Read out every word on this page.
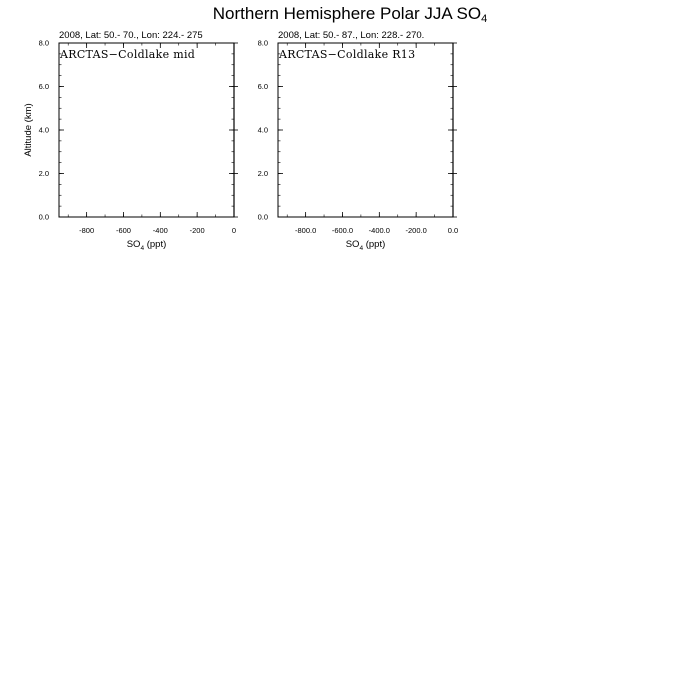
Northern Hemisphere Polar JJA $SO_4$
-800	-600	-400	-200	0
0.0
2.0
4.0
6.0
8.0
2008, Lat: 50.- 70., Lon: 224.- 275
ARCTAS−Coldlake mid
$SO_4$ (ppt)
Altitude (km)
-800.0 -600.0 -400.0 -200.0	0.0
0.0
2.0
4.0
6.0
8.0
2008, Lat: 50.- 87., Lon: 228.- 270.
ARCTAS−Coldlake R13
$SO_4$ (ppt)
